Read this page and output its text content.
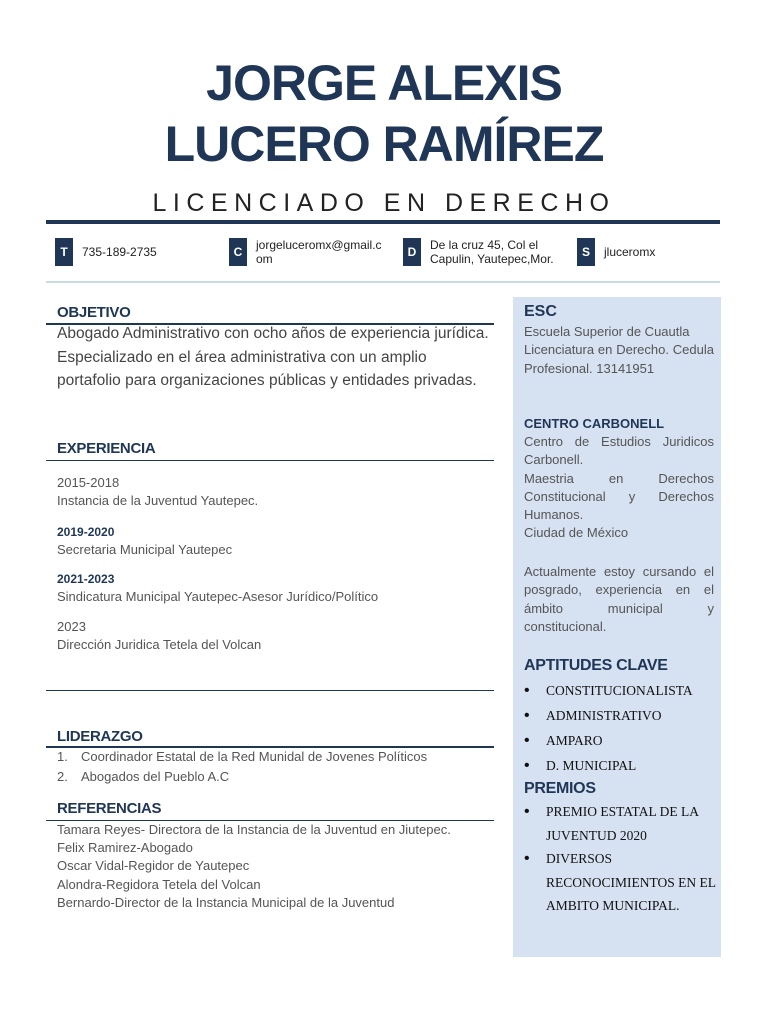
JORGE ALEXIS
LUCERO RAMÍREZ
LICENCIADO EN DERECHO
T	735-189-2735	C	jorgeluceromx@gmail.c
om	D	De la cruz 45, Col el
Capulin, Yautepec,Mor.	S	jluceromx
OBJETIVO
Abogado Administrativo con ocho años de experiencia jurídica. Especializado en el área administrativa con un amplio portafolio para organizaciones públicas y entidades privadas.
EXPERIENCIA
2015-2018
Instancia de la Juventud Yautepec.
2019-2020
Secretaria Municipal Yautepec
2021-2023
Sindicatura Municipal Yautepec-Asesor Jurídico/Político
2023
Dirección Juridica Tetela del Volcan
LIDERAZGO
1. Coordinador Estatal de la Red Munidal de Jovenes Políticos
2. Abogados del Pueblo A.C
REFERENCIAS
Tamara Reyes- Directora de la Instancia de la Juventud en Jiutepec.
Felix Ramirez-Abogado
Oscar Vidal-Regidor de Yautepec
Alondra-Regidora Tetela del Volcan
Bernardo-Director de la Instancia Municipal de la Juventud
ESC
Escuela Superior de Cuautla
Licenciatura en Derecho. Cedula Profesional. 13141951
CENTRO CARBONELL
Centro de Estudios Juridicos Carbonell.
Maestria en Derechos Constitucional y Derechos Humanos.
Ciudad de México
Actualmente estoy cursando el posgrado, experiencia en el ámbito municipal y constitucional.
APTITUDES CLAVE
• CONSTITUCIONALISTA
• ADMINISTRATIVO
• AMPARO
• D. MUNICIPAL
PREMIOS
• PREMIO ESTATAL DE LA JUVENTUD 2020
• DIVERSOS RECONOCIMIENTOS EN EL AMBITO MUNICIPAL.
